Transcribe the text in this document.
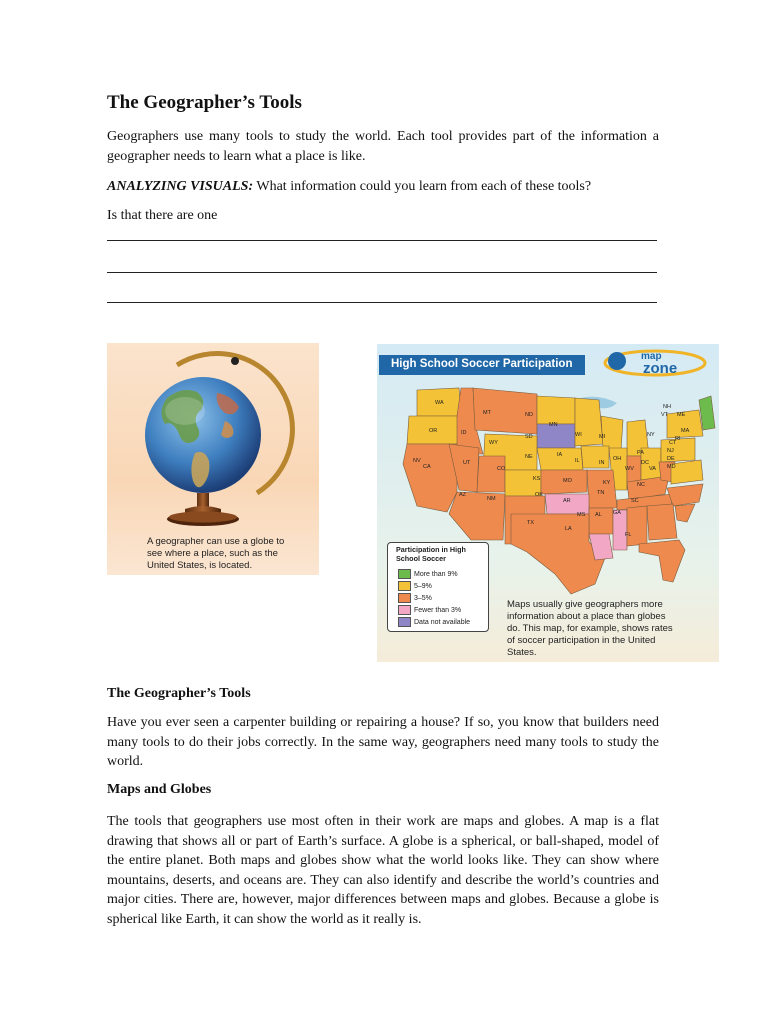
The Geographer’s Tools

Geographers use many tools to study the world. Each tool provides part of the information a geographer needs to learn what a place is like.

ANALYZING VISUALS: What information could you learn from each of these tools?

Is that there are one

A geographer can use a globe to see where a place, such as the United States, is located.
High School Soccer Participation
map
zone
WA
OR
MT
ID
ND
MN
SD
WY
WI	MI
NV	UT
CO
NE	IA
IL	IN
OH
PA
NY
CA
AZ
NM
KS	MO	KY
WV	VA MD
DE
NJ
CT
RI
MA
VT
NH
ME
OK
AR
TN
NC
SC
TX
LA
MS AL GA
FL
DC
Participation in High School Soccer
More than 9%
5–9%
3–5%
Fewer than 3%
Data not available
Maps usually give geographers more information about a place than globes do. This map, for example, shows rates of soccer participation in the United States.
The Geographer’s Tools

Have you ever seen a carpenter building or repairing a house? If so, you know that builders need many tools to do their jobs correctly. In the same way, geographers need many tools to study the world.

Maps and Globes

The tools that geographers use most often in their work are maps and globes. A map is a flat drawing that shows all or part of Earth’s surface. A globe is a spherical, or ball-shaped, model of the entire planet. Both maps and globes show what the world looks like. They can show where mountains, deserts, and oceans are. They can also identify and describe the world’s countries and major cities. There are, however, major differences between maps and globes. Because a globe is spherical like Earth, it can show the world as it really is.
